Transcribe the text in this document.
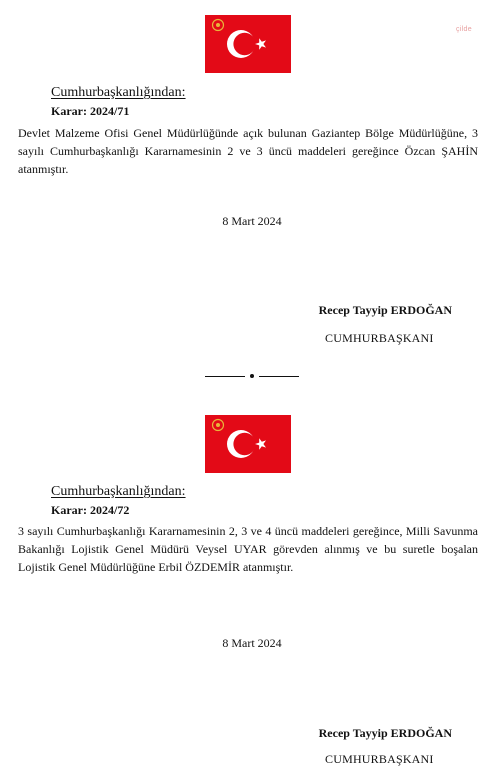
çilde
Cumhurbaşkanlığından:
Karar: 2024/71
Devlet Malzeme Ofisi Genel Müdürlüğünde açık bulunan Gaziantep Bölge Müdürlüğüne, 3 sayılı Cumhurbaşkanlığı Kararnamesinin 2 ve 3 üncü maddeleri gereğince Özcan ŞAHİN atanmıştır.
8 Mart 2024
Recep Tayyip ERDOĞAN
CUMHURBAŞKANI
Cumhurbaşkanlığından:
Karar: 2024/72
3 sayılı Cumhurbaşkanlığı Kararnamesinin 2, 3 ve 4 üncü maddeleri gereğince, Milli Savunma Bakanlığı Lojistik Genel Müdürü Veysel UYAR görevden alınmış ve bu suretle boşalan Lojistik Genel Müdürlüğüne Erbil ÖZDEMİR atanmıştır.
8 Mart 2024
Recep Tayyip ERDOĞAN
CUMHURBAŞKANI
